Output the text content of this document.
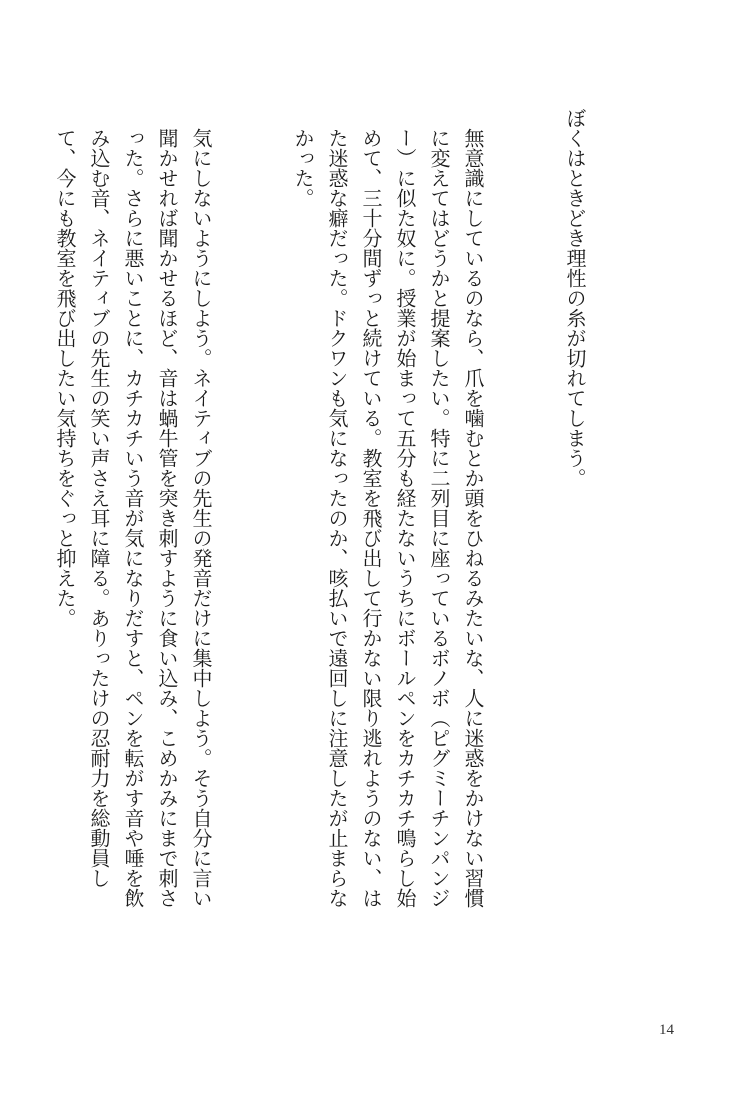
ぼくはときどき理性の糸が切れてしまう。

無意識にしているのなら、爪を噛むとか頭をひねるみたいな、人に迷惑をかけない習慣に変えてはどうかと提案したい。特に二列目に座っているボノボ（ピグミーチンパンジー）に似た奴に。授業が始まって五分も経たないうちにボールペンをカチカチ鳴らし始めて、三十分間ずっと続けている。教室を飛び出して行かない限り逃れようのない、はた迷惑な癖だった。ドクワンも気になったのか、咳払いで遠回しに注意したが止まらなかった。

気にしないようにしよう。ネイティブの先生の発音だけに集中しよう。そう自分に言い聞かせれば聞かせるほど、音は蝸牛管を突き刺すように食い込み、こめかみにまで刺さった。さらに悪いことに、カチカチいう音が気になりだすと、ペンを転がす音や唾を飲み込む音、ネイティブの先生の笑い声さえ耳に障る。ありったけの忍耐力を総動員して、今にも教室を飛び出したい気持ちをぐっと抑えた。

14
